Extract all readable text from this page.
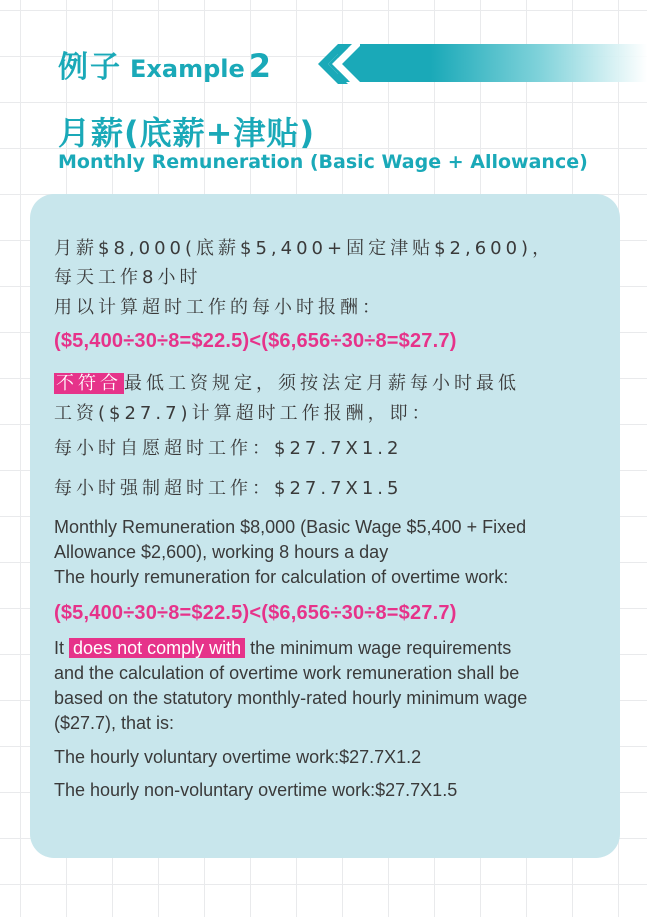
例子 Example 2
月薪(底薪+津贴)
Monthly Remuneration (Basic Wage + Allowance)
月薪$8,000(底薪$5,400+固定津贴$2,600)，
每天工作8小时
用以计算超时工作的每小时报酬：
($5,400÷30÷8=$22.5)<($6,656÷30÷8=$27.7)
不符合 最低工资规定，须按法定月薪每小时最低
工资($27.7)计算超时工作报酬，即：
每小时自愿超时工作：$27.7X1.2
每小时强制超时工作：$27.7X1.5
Monthly Remuneration $8,000 (Basic Wage $5,400 + Fixed
Allowance $2,600), working 8 hours a day
The hourly remuneration for calculation of overtime work:
($5,400÷30÷8=$22.5)<($6,656÷30÷8=$27.7)
It does not comply with the minimum wage requirements
and the calculation of overtime work remuneration shall be
based on the statutory monthly-rated hourly minimum wage
($27.7), that is:
The hourly voluntary overtime work:$27.7X1.2
The hourly non-voluntary overtime work:$27.7X1.5
